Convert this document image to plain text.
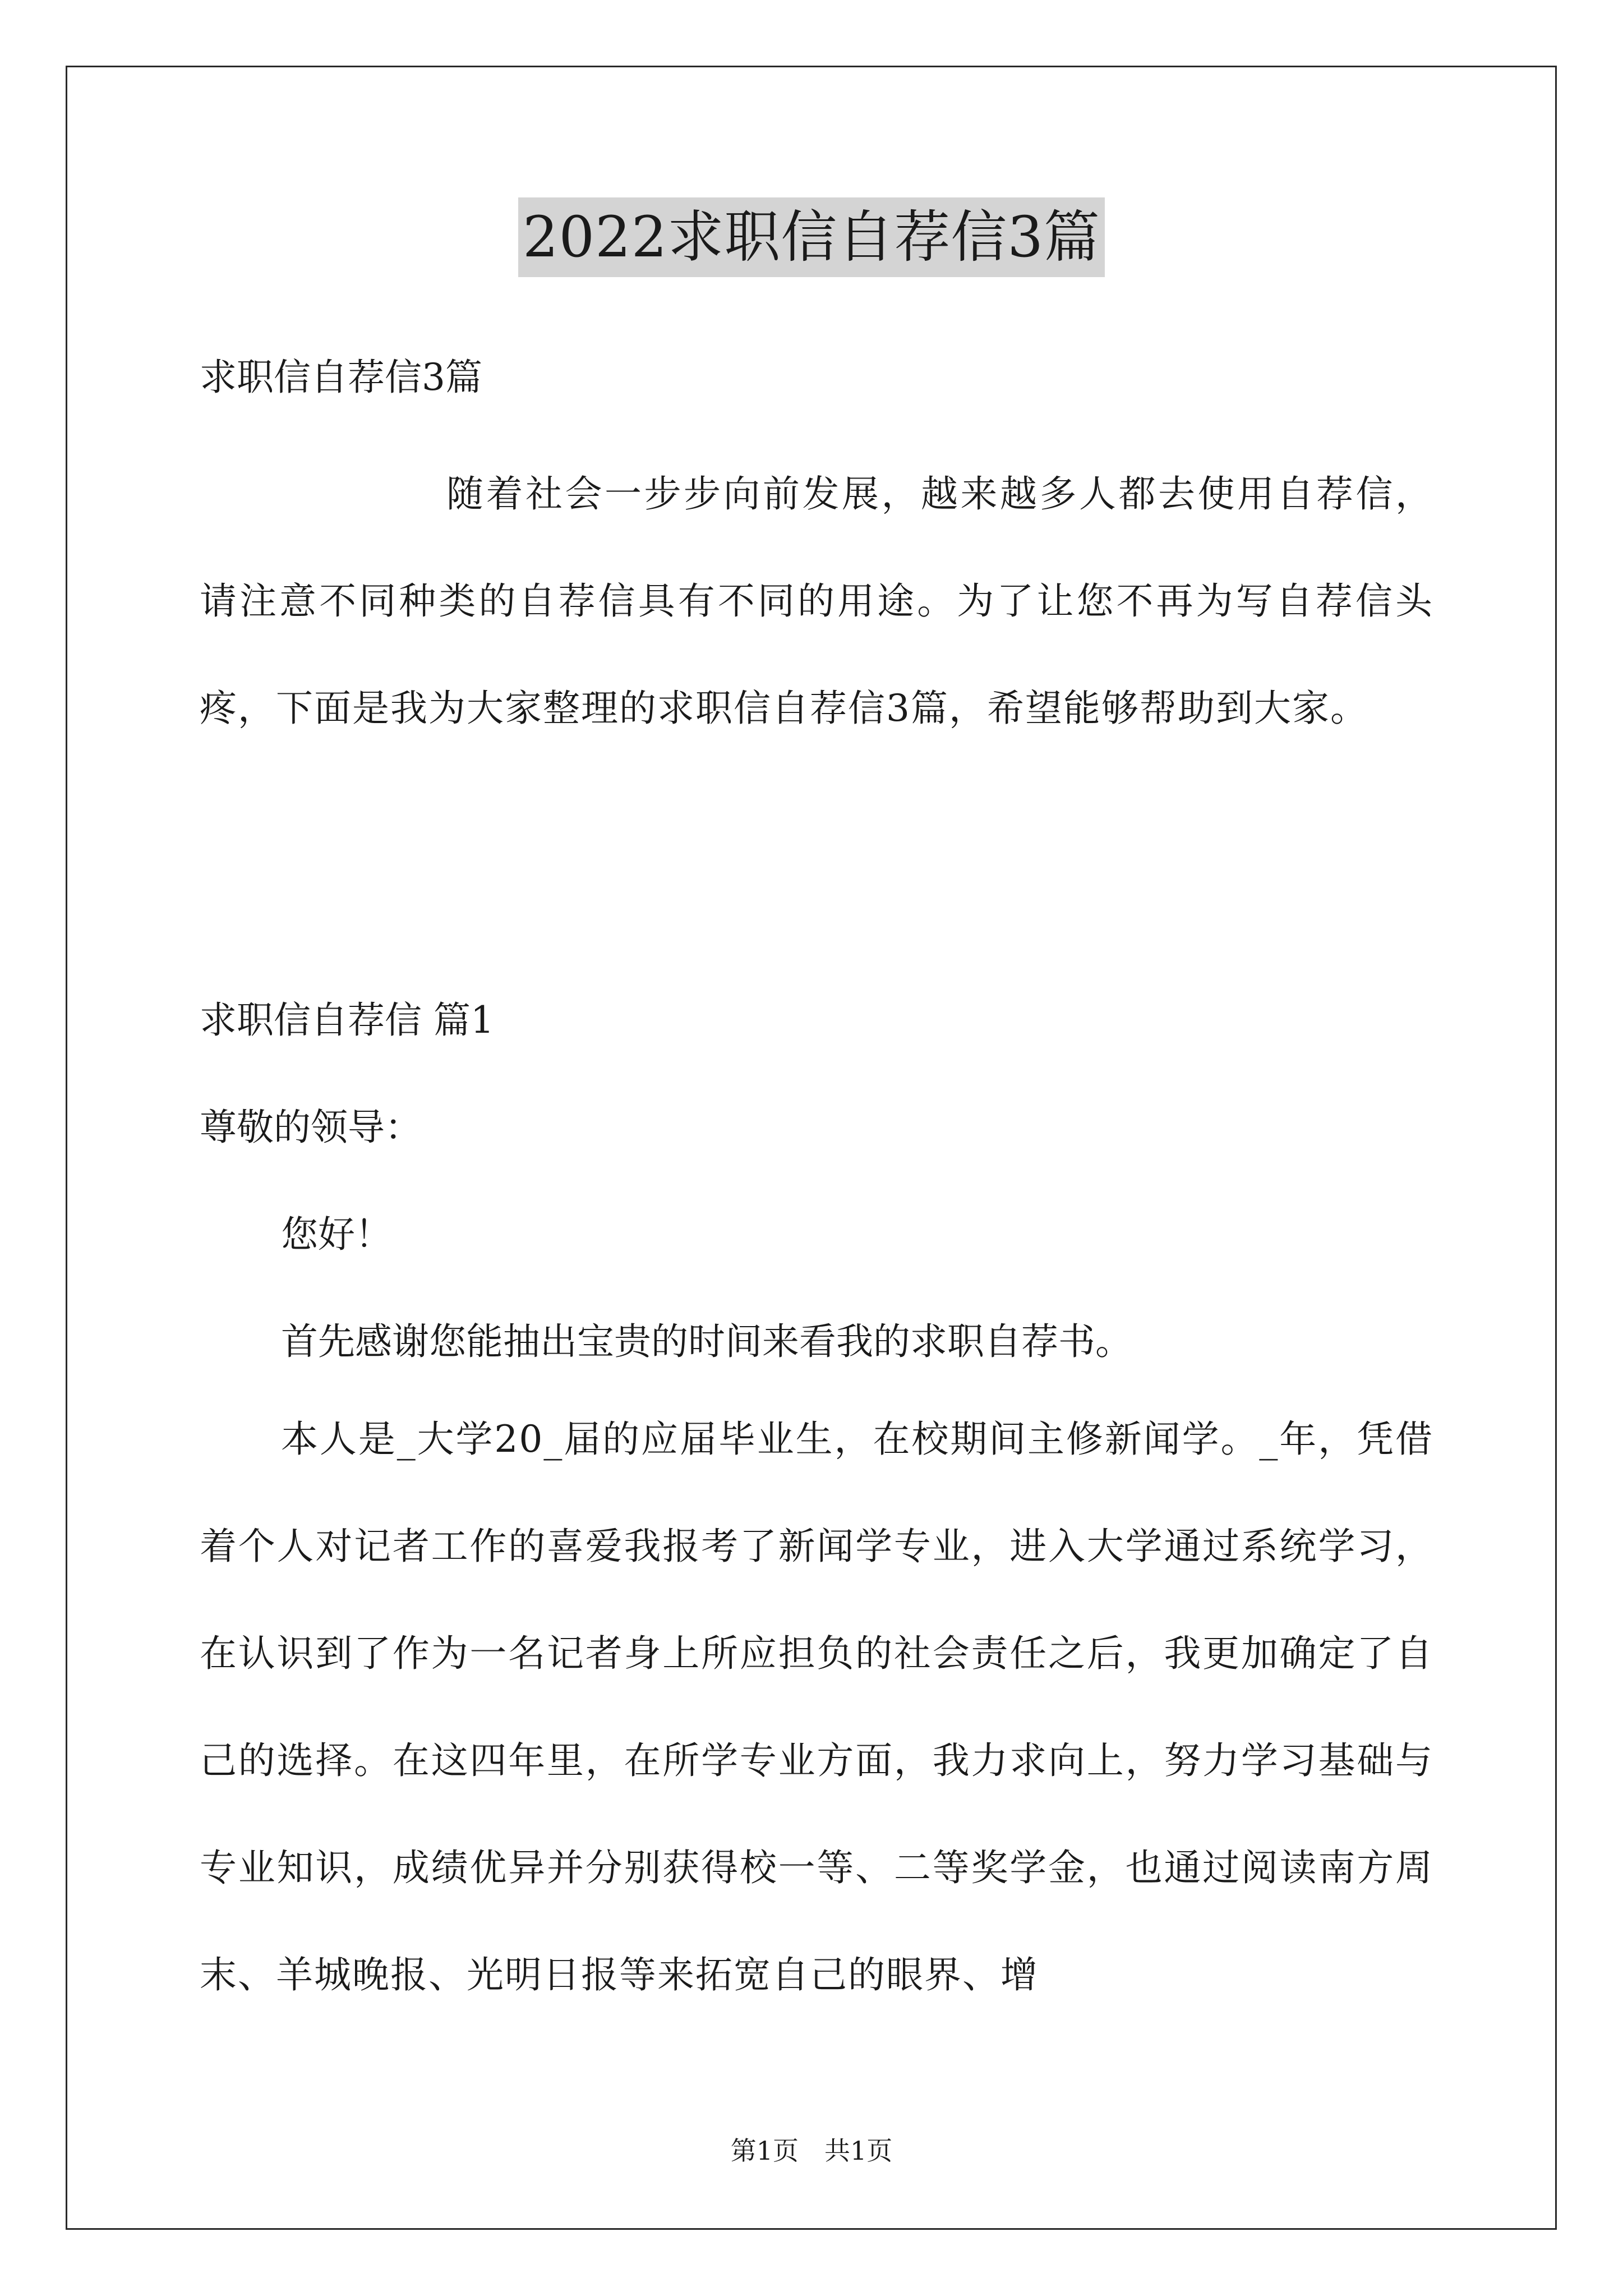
2022求职信自荐信3篇
求职信自荐信3篇
随着社会一步步向前发展，越来越多人都去使用自荐信，请注意不同种类的自荐信具有不同的用途。为了让您不再为写自荐信头疼，下面是我为大家整理的求职信自荐信3篇，希望能够帮助到大家。
求职信自荐信 篇1
尊敬的领导：
您好！
首先感谢您能抽出宝贵的时间来看我的求职自荐书。
本人是_大学20_届的应届毕业生，在校期间主修新闻学。_年，凭借着个人对记者工作的喜爱我报考了新闻学专业，进入大学通过系统学习，在认识到了作为一名记者身上所应担负的社会责任之后，我更加确定了自己的选择。在这四年里，在所学专业方面，我力求向上，努力学习基础与专业知识，成绩优异并分别获得校一等、二等奖学金，也通过阅读南方周末、羊城晚报、光明日报等来拓宽自己的眼界、增
第1页　共1页
